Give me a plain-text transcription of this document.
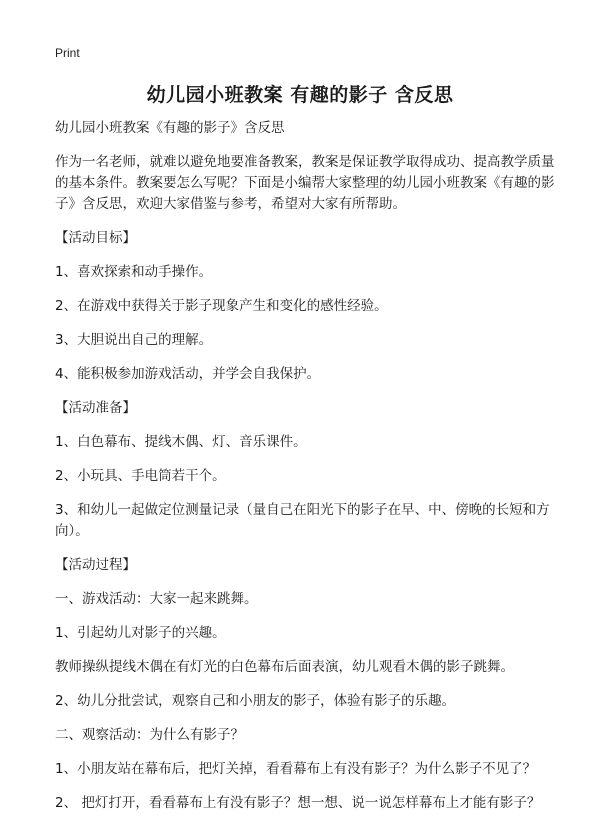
Print
幼儿园小班教案 有趣的影子 含反思

幼儿园小班教案《有趣的影子》含反思

作为一名老师，就难以避免地要准备教案，教案是保证教学取得成功、提高教学质量的基本条件。教案要怎么写呢？下面是小编帮大家整理的幼儿园小班教案《有趣的影子》含反思，欢迎大家借鉴与参考，希望对大家有所帮助。

【活动目标】

1、喜欢探索和动手操作。

2、在游戏中获得关于影子现象产生和变化的感性经验。

3、大胆说出自己的理解。

4、能积极参加游戏活动，并学会自我保护。

【活动准备】

1、白色幕布、提线木偶、灯、音乐课件。

2、小玩具、手电筒若干个。

3、和幼儿一起做定位测量记录（量自己在阳光下的影子在早、中、傍晚的长短和方向）。

【活动过程】

一、游戏活动：大家一起来跳舞。

1、引起幼儿对影子的兴趣。

教师操纵提线木偶在有灯光的白色幕布后面表演，幼儿观看木偶的影子跳舞。

2、幼儿分批尝试，观察自己和小朋友的影子，体验有影子的乐趣。

二、观察活动：为什么有影子？

1、小朋友站在幕布后，把灯关掉，看看幕布上有没有影子？为什么影子不见了？

2、 把灯打开，看看幕布上有没有影子？想一想、说一说怎样幕布上才能有影子？
